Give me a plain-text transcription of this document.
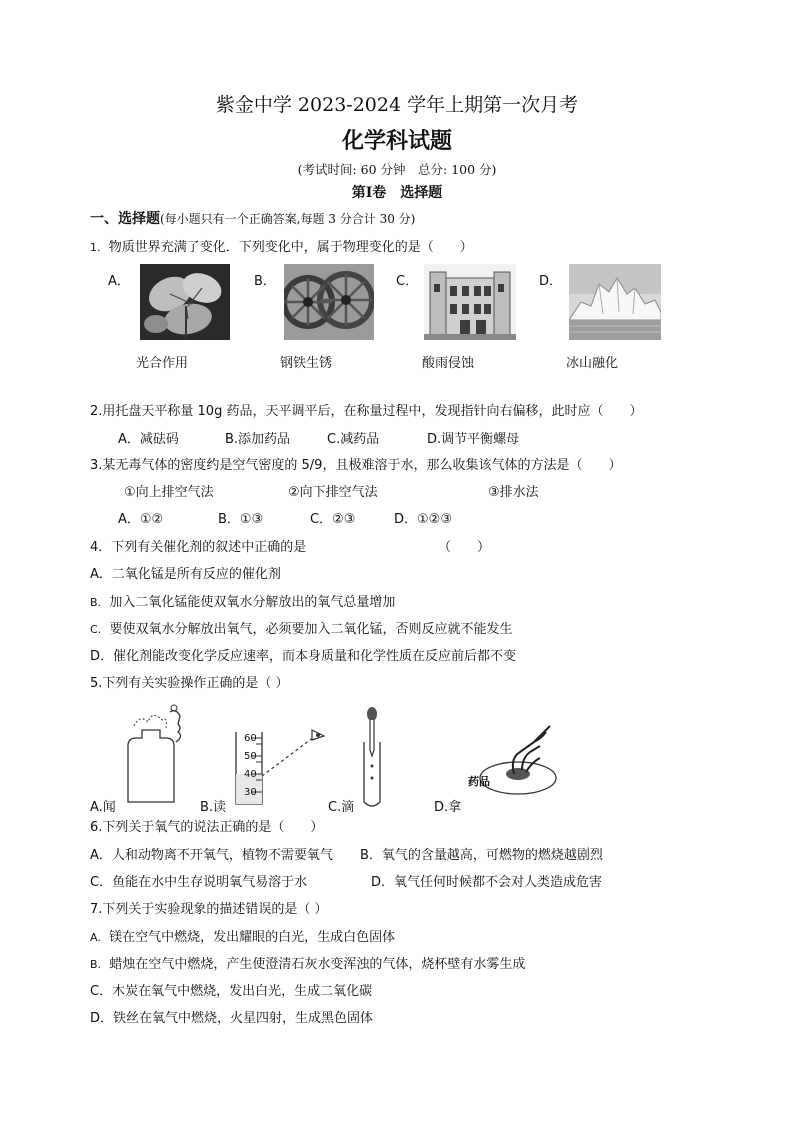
紫金中学 2023-2024 学年上期第一次月考
化学科试题
(考试时间: 60 分钟　总分: 100 分)
第Ⅰ卷　选择题
一、选择题(每小题只有一个正确答案,每题 3 分合计 30 分)
1. 物质世界充满了变化．下列变化中，属于物理变化的是（　　）
A．	B．	C．	D．
光合作用	钢铁生锈	酸雨侵蚀	冰山融化
2.用托盘天平称量 10g 药品，天平调平后，在称量过程中，发现指针向右偏移，此时应（　　）
A．减砝码	B.添加药品	C.减药品	D.调节平衡螺母
3.某无毒气体的密度约是空气密度的 5/9，且极难溶于水，那么收集该气体的方法是（　　）
①向上排空气法	②向下排空气法	③排水法
A．①②	B．①③	C．②③	D．①②③
4．下列有关催化剂的叙述中正确的是	（　　）
A．二氧化锰是所有反应的催化剂
B. 加入二氧化锰能使双氧水分解放出的氧气总量增加
C. 要使双氧水分解放出氧气，必须要加入二氧化锰，否则反应就不能发生
D．催化剂能改变化学反应速率，而本身质量和化学性质在反应前后都不变
5.下列有关实验操作正确的是（ ）
60
50
40
30
药品
A.闻	B.读	C.滴	D.拿
6.下列关于氧气的说法正确的是（　　）
A．人和动物离不开氧气，植物不需要氧气 B．氧气的含量越高，可燃物的燃烧越剧烈
C．鱼能在水中生存说明氧气易溶于水	D．氧气任何时候都不会对人类造成危害
7.下列关于实验现象的描述错误的是（ ）
A. 镁在空气中燃烧，发出耀眼的白光，生成白色固体
B. 蜡烛在空气中燃烧，产生使澄清石灰水变浑浊的气体，烧杯壁有水雾生成
C．木炭在氧气中燃烧，发出白光，生成二氧化碳
D．铁丝在氧气中燃烧，火星四射，生成黑色固体
